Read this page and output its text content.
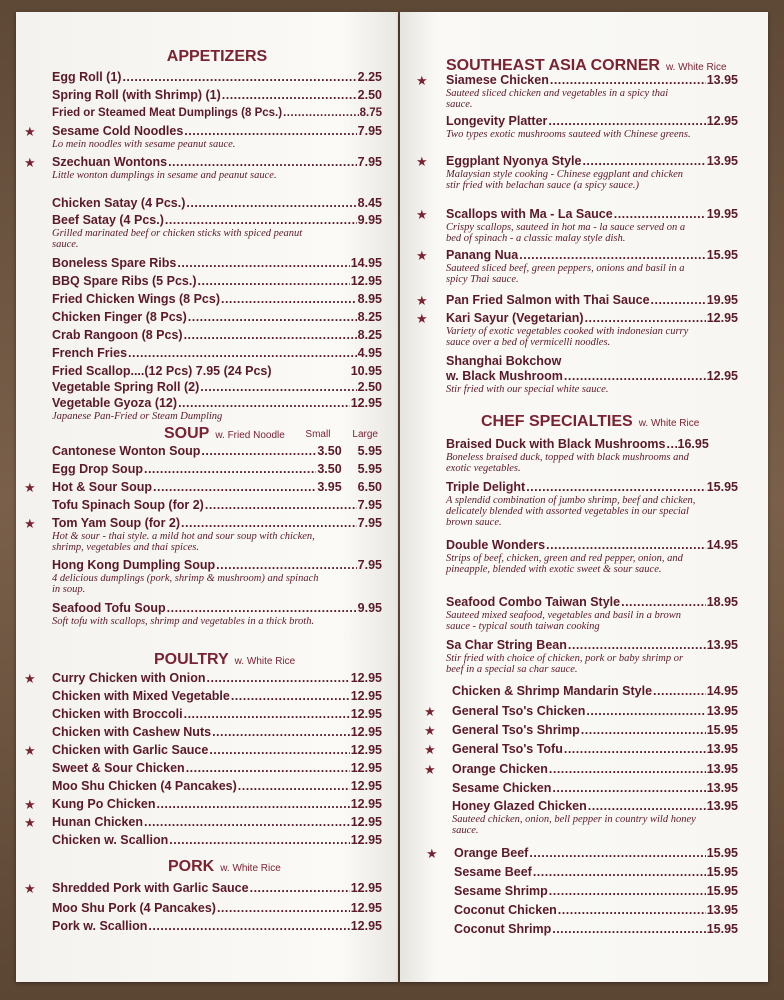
APPETIZERS
Egg Roll (1) .....	2.25
Spring Roll (with Shrimp) (1) .....	2.50
Fried or Steamed Meat Dumplings (8 Pcs.) .....	8.75
★ Sesame Cold Noodles .....	7.95
Lo mein noodles with sesame peanut sauce.
★ Szechuan Wontons .....	7.95
Little wonton dumplings in sesame and peanut sauce.
Chicken Satay (4 Pcs.) .....	8.45
Beef Satay (4 Pcs.) .....	9.95
Grilled marinated beef or chicken sticks with spiced peanut sauce.
Boneless Spare Ribs .....	14.95
BBQ Spare Ribs (5 Pcs.) .....	12.95
Fried Chicken Wings (8 Pcs) .....	8.95
Chicken Finger (8 Pcs) .....	8.25
Crab Rangoon (8 Pcs) .....	8.25
French Fries .....	4.95
Fried Scallop....(12 Pcs) 7.95 (24 Pcs)	10.95
Vegetable Spring Roll (2) .....	2.50
Vegetable Gyoza (12) .....	12.95
Japanese Pan-Fried or Steam Dumpling
SOUP w. Fried Noodle Small Large
Cantonese Wonton Soup .....	3.50 5.95
Egg Drop Soup .....	3.50 5.95
★ Hot & Sour Soup .....	3.95 6.50
Tofu Spinach Soup (for 2) .....	7.95
★ Tom Yam Soup (for 2) .....	7.95
Hot & sour - thai style. a mild hot and sour soup with chicken, shrimp, vegetables and thai spices.
Hong Kong Dumpling Soup .....	7.95
4 delicious dumplings (pork, shrimp & mushroom) and spinach in soup.
Seafood Tofu Soup .....	9.95
Soft tofu with scallops, shrimp and vegetables in a thick broth.
POULTRY w. White Rice
★ Curry Chicken with Onion .....	12.95
Chicken with Mixed Vegetable .....	12.95
Chicken with Broccoli .....	12.95
Chicken with Cashew Nuts .....	12.95
★ Chicken with Garlic Sauce .....	12.95
Sweet & Sour Chicken .....	12.95
Moo Shu Chicken (4 Pancakes) .....	12.95
★ Kung Po Chicken .....	12.95
★ Hunan Chicken .....	12.95
Chicken w. Scallion .....	12.95
PORK w. White Rice
★ Shredded Pork with Garlic Sauce .....	12.95
Moo Shu Pork (4 Pancakes) .....	12.95
Pork w. Scallion .....	12.95
SOUTHEAST ASIA CORNER w. White Rice
★ Siamese Chicken .....	13.95
Sauteed sliced chicken and vegetables in a spicy thai sauce.
Longevity Platter .....	12.95
Two types exotic mushrooms sauteed with Chinese greens.
★ Eggplant Nyonya Style .....	13.95
Malaysian style cooking - Chinese eggplant and chicken stir fried with belachan sauce (a spicy sauce.)
★ Scallops with Ma - La Sauce .....	19.95
Crispy scallops, sauteed in hot ma - la sauce served on a bed of spinach - a classic malay style dish.
★ Panang Nua .....	15.95
Sauteed sliced beef, green peppers, onions and basil in a spicy Thai sauce.
★ Pan Fried Salmon with Thai Sauce .....	19.95
★ Kari Sayur (Vegetarian) .....	12.95
Variety of exotic vegetables cooked with indonesian curry sauce over a bed of vermicelli noodles.
Shanghai Bokchow
w. Black Mushroom .....	12.95
Stir fried with our special white sauce.
CHEF SPECIALTIES w. White Rice
Braised Duck with Black Mushrooms ..... 16.95
Boneless braised duck, topped with black mushrooms and exotic vegetables.
Triple Delight .....	15.95
A splendid combination of jumbo shrimp, beef and chicken, delicately blended with assorted vegetables in our special brown sauce.
Double Wonders .....	14.95
Strips of beef, chicken, green and red pepper, onion, and pineapple, blended with exotic sweet & sour sauce.
Seafood Combo Taiwan Style .....	18.95
Sauteed mixed seafood, vegetables and basil in a brown sauce - typical south taiwan cooking
Sa Char String Bean .....	13.95
Stir fried with choice of chicken, pork or baby shrimp or beef in a special sa char sauce.
Chicken & Shrimp Mandarin Style .....	14.95
★ General Tso's Chicken .....	13.95
★ General Tso's Shrimp .....	15.95
★ General Tso's Tofu .....	13.95
★ Orange Chicken .....	13.95
Sesame Chicken .....	13.95
Honey Glazed Chicken .....	13.95
Sauteed chicken, onion, bell pepper in country wild honey sauce.
★ Orange Beef .....	15.95
Sesame Beef .....	15.95
Sesame Shrimp .....	15.95
Coconut Chicken .....	13.95
Coconut Shrimp .....	15.95
